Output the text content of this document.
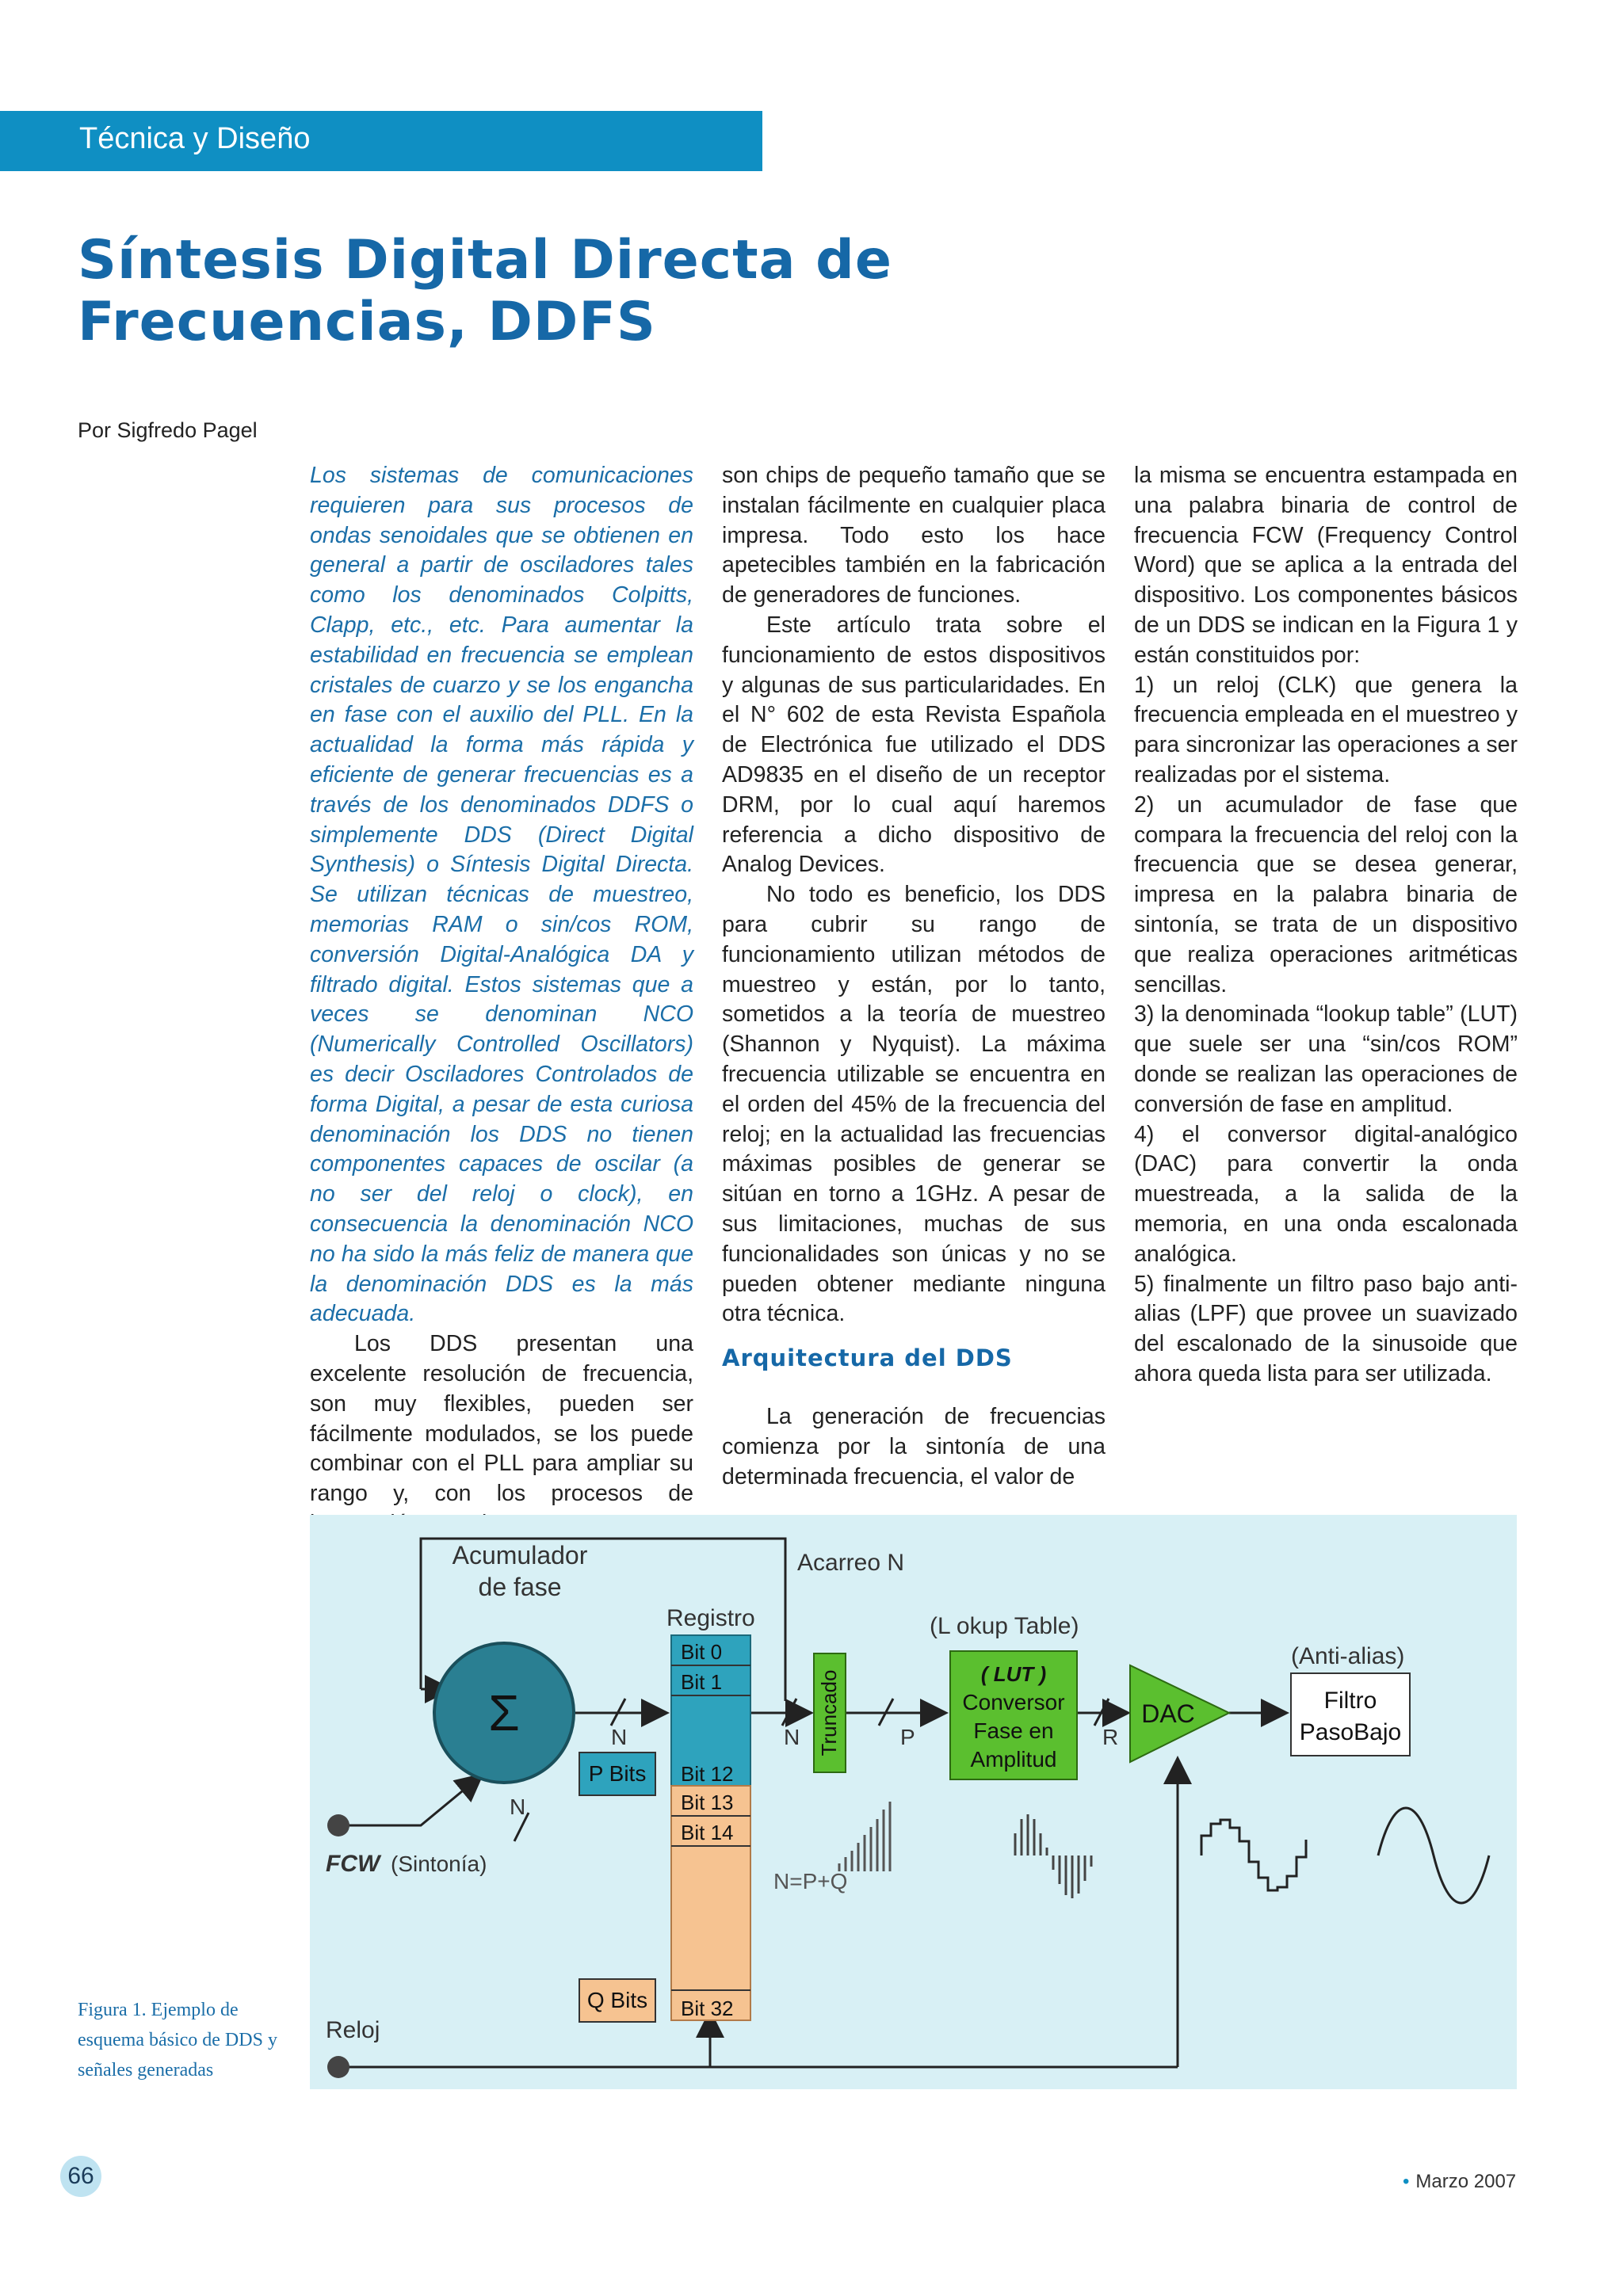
Técnica y Diseño
Síntesis Digital Directa de
Frecuencias, DDFS
Por Sigfredo Pagel

Los sistemas de comunicaciones requieren para sus procesos de ondas senoidales que se obtienen en general a partir de osciladores tales como los denominados Colpitts, Clapp, etc., etc. Para aumentar la estabilidad en frecuencia se emplean cristales de cuarzo y se los engancha en fase con el auxilio del PLL. En la actualidad la forma más rápida y eficiente de generar frecuencias es a través de los denominados DDFS o simplemente DDS (Direct Digital Synthesis) o Síntesis Digital Directa. Se utilizan técnicas de muestreo, memorias RAM o sin/cos ROM, conversión Digital-Analógica DA y filtrado digital. Estos sistemas que a veces se denominan NCO (Numerically Controlled Oscillators) es decir Osciladores Controlados de forma Digital, a pesar de esta curiosa denominación los DDS no tienen componentes capaces de oscilar (a no ser del reloj o clock), en consecuencia la denominación NCO no ha sido la más feliz de manera que la denominación DDS es la más adecuada.

Los DDS presentan una excelente resolución de frecuencia, son muy flexibles, pueden ser fácilmente modulados, se los puede combinar con el PLL para ampliar su rango y, con los procesos de

son chips de pequeño tamaño que se instalan fácilmente en cualquier placa impresa. Todo esto los hace apetecibles también en la fabricación de generadores de funciones.

Este artículo trata sobre el funcionamiento de estos dispositivos y algunas de sus particularidades. En el N° 602 de esta Revista Española de Electrónica fue utilizado el DDS AD9835 en el diseño de un receptor DRM, por lo cual aquí haremos referencia a dicho dispositivo de Analog Devices.

No todo es beneficio, los DDS para cubrir su rango de funcionamiento utilizan métodos de muestreo y están, por lo tanto, sometidos a la teoría de muestreo (Shannon y Nyquist). La máxima frecuencia utilizable se encuentra en el orden del 45% de la frecuencia del reloj; en la actualidad las frecuencias máximas posibles de generar se sitúan en torno a 1GHz. A pesar de sus limitaciones, muchas de sus funcionalidades son únicas y no se pueden obtener mediante ninguna otra técnica.

Arquitectura del DDS

La generación de frecuencias comienza por la sintonía de una determinada frecuencia, el valor de

la misma se encuentra estampada en una palabra binaria de control de frecuencia FCW (Frequency Control Word) que se aplica a la entrada del dispositivo. Los componentes básicos de un DDS se indican en la Figura 1 y están constituidos por:

1) un reloj (CLK) que genera la frecuencia empleada en el muestreo y para sincronizar las operaciones a ser realizadas por el sistema.

2) un acumulador de fase que compara la frecuencia del reloj con la frecuencia que se desea generar, impresa en la palabra binaria de sintonía, se trata de un dispositivo que realiza operaciones aritméticas sencillas.

3) la denominada “lookup table” (LUT) que suele ser una “sin/cos ROM” donde se realizan las operaciones de conversión de fase en amplitud.

4) el conversor digital-analógico (DAC) para convertir la onda muestreada, a la salida de la memoria, en una onda escalonada analógica.

5) finalmente un filtro paso bajo anti-alias (LPF) que provee un suavizado del escalonado de la sinusoide que ahora queda lista para ser utilizada.

Σ
Bit 0
Bit 1
Bit 12
Bit 13
Bit 14
Bit 32
P Bits
Q Bits
Truncado	( LUT )
Conversor
Fase en
Amplitud
DAC	Filtro
PasoBajo
Acumulador
de fase
Acarreo N
Registro	(L okup Table)
(Anti-alias)
N	N
N
P	R
N=P+Q
FCW (Sintonía)
Reloj
Figura 1. Ejemplo de
esquema básico de DDS y
señales generadas
66	• Marzo 2007
